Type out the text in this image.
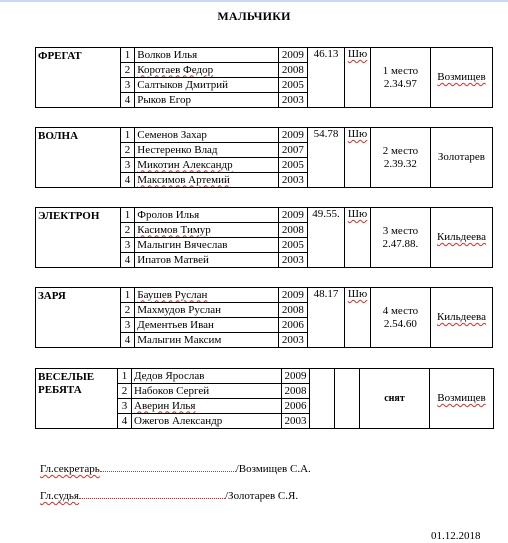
МАЛЬЧИКИ
ФРЕГАТ	1	Волков Илья	2009	46.13	Шю	1 место 2.34.97	Возмищев
	2	Коротаев Федор	2008				
	3	Салтыков Дмитрий	2005				
	4	Рыков Егор	2003				
ВОЛНА	1	Семенов Захар	2009	54.78	Шю	2 место 2.39.32	Золотарев
	2	Нестеренко Влад	2007				
	3	Микотин Александр	2005				
	4	Максимов Артемий	2003				
ЭЛЕКТРОН	1	Фролов Илья	2009	49.55.	Шю	3 место 2.47.88.	Кильдеева
	2	Касимов Тимур	2008				
	3	Малыгин Вячеслав	2005				
	4	Ипатов Матвей	2003				
ЗАРЯ	1	Баушев Руслан	2009	48.17	Шю	4 место 2.54.60	Кильдеева
	2	Махмудов Руслан	2008				
	3	Дементьев Иван	2006				
	4	Малыгин Максим	2003				
ВЕСЕЛЫЕ РЕБЯТА	1	Дедов Ярослав	2009			снят	Возмищев
	2	Набоков Сергей	2008				
	3	Аверин Илья	2006				
	4	Ожегов Александр	2003				
Гл.секретарь	/Возмищев С.А.
Гл.судья	/Золотарев С.Я.
01.12.2018
